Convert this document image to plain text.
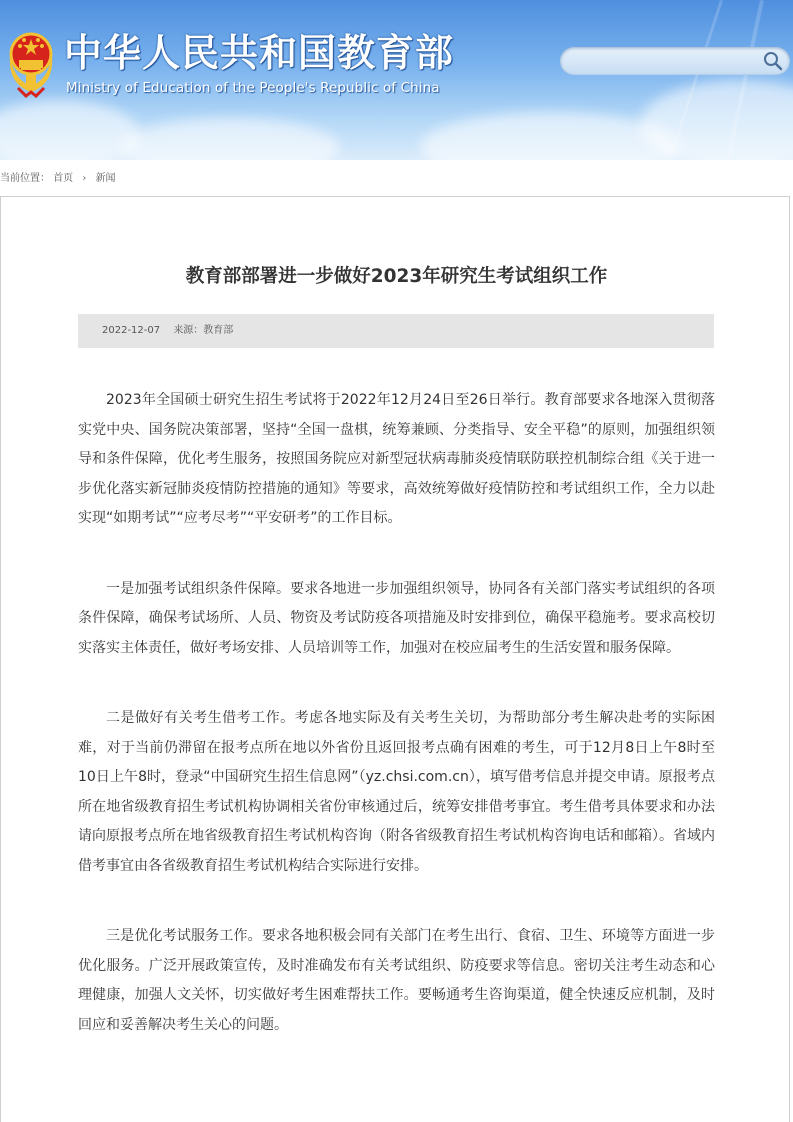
中华人民共和国教育部
Ministry of Education of the People's Republic of China
当前位置： 首页 › 新闻
教育部部署进一步做好2023年研究生考试组织工作
2022-12-07 来源：教育部

2023年全国硕士研究生招生考试将于2022年12月24日至26日举行。教育部要求各地深入贯彻落实党中央、国务院决策部署，坚持“全国一盘棋，统筹兼顾、分类指导、安全平稳”的原则，加强组织领导和条件保障，优化考生服务，按照国务院应对新型冠状病毒肺炎疫情联防联控机制综合组《关于进一步优化落实新冠肺炎疫情防控措施的通知》等要求，高效统筹做好疫情防控和考试组织工作，全力以赴实现“如期考试”“应考尽考”“平安研考”的工作目标。

一是加强考试组织条件保障。要求各地进一步加强组织领导，协同各有关部门落实考试组织的各项条件保障，确保考试场所、人员、物资及考试防疫各项措施及时安排到位，确保平稳施考。要求高校切实落实主体责任，做好考场安排、人员培训等工作，加强对在校应届考生的生活安置和服务保障。

二是做好有关考生借考工作。考虑各地实际及有关考生关切，为帮助部分考生解决赴考的实际困难，对于当前仍滞留在报考点所在地以外省份且返回报考点确有困难的考生，可于12月8日上午8时至10日上午8时，登录“中国研究生招生信息网”（yz.chsi.com.cn），填写借考信息并提交申请。原报考点所在地省级教育招生考试机构协调相关省份审核通过后，统筹安排借考事宜。考生借考具体要求和办法请向原报考点所在地省级教育招生考试机构咨询（附各省级教育招生考试机构咨询电话和邮箱）。省域内借考事宜由各省级教育招生考试机构结合实际进行安排。

三是优化考试服务工作。要求各地积极会同有关部门在考生出行、食宿、卫生、环境等方面进一步优化服务。广泛开展政策宣传，及时准确发布有关考试组织、防疫要求等信息。密切关注考生动态和心理健康，加强人文关怀，切实做好考生困难帮扶工作。要畅通考生咨询渠道，健全快速反应机制，及时回应和妥善解决考生关心的问题。
